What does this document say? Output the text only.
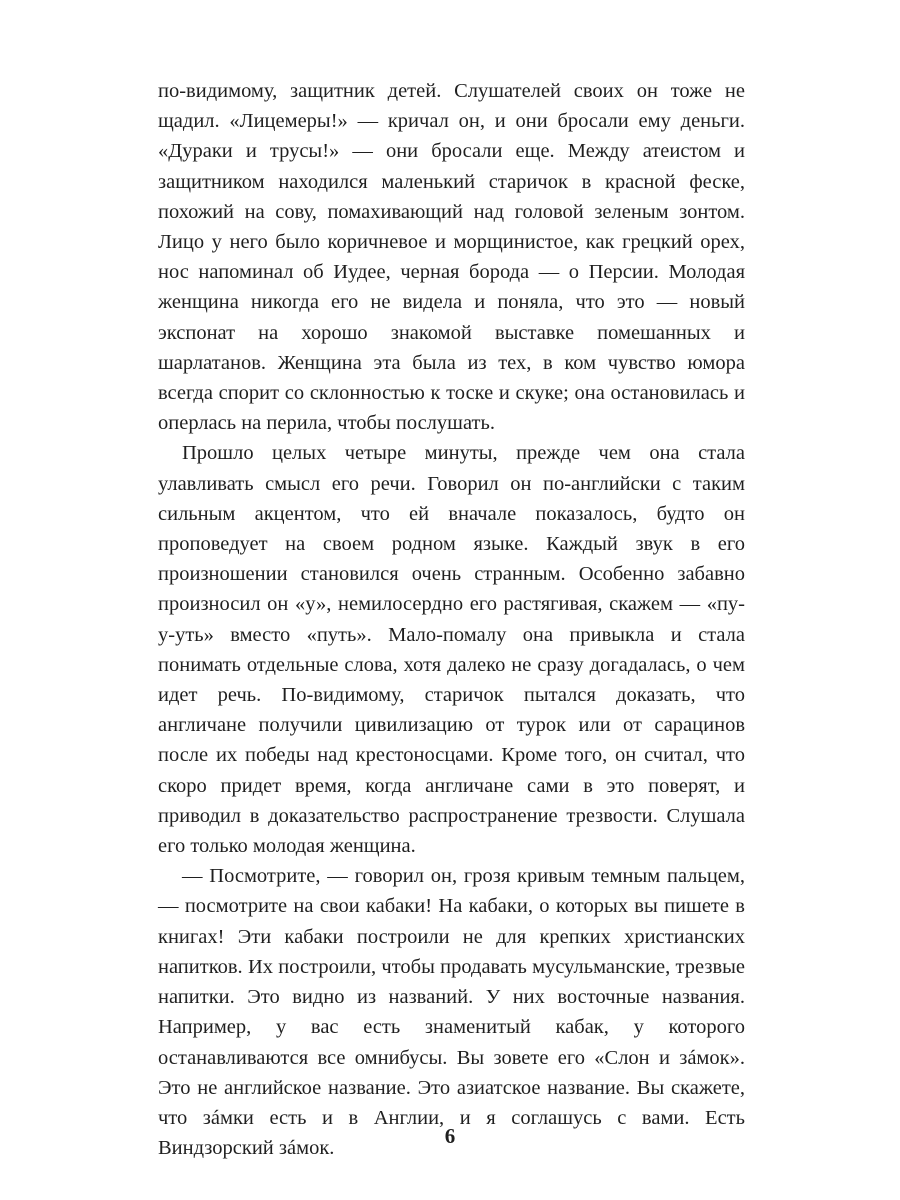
по-видимому, защитник детей. Слушателей своих он тоже не щадил. «Лицемеры!» — кричал он, и они бросали ему деньги. «Дураки и трусы!» — они бросали еще. Между атеистом и защитником находился маленький старичок в красной феске, похожий на сову, помахивающий над головой зеленым зонтом. Лицо у него было коричневое и морщинистое, как грецкий орех, нос напоминал об Иудее, черная борода — о Персии. Молодая женщина никогда его не видела и поняла, что это — новый экспонат на хорошо знакомой выставке помешанных и шарлатанов. Женщина эта была из тех, в ком чувство юмора всегда спорит со склонностью к тоске и скуке; она остановилась и оперлась на перила, чтобы послушать.

Прошло целых четыре минуты, прежде чем она стала улавливать смысл его речи. Говорил он по-английски с таким сильным акцентом, что ей вначале показалось, будто он проповедует на своем родном языке. Каждый звук в его произношении становился очень странным. Особенно забавно произносил он «у», немилосердно его растягивая, скажем — «пу-у-уть» вместо «путь». Мало-помалу она привыкла и стала понимать отдельные слова, хотя далеко не сразу догадалась, о чем идет речь. По-видимому, старичок пытался доказать, что англичане получили цивилизацию от турок или от сарацинов после их победы над крестоносцами. Кроме того, он считал, что скоро придет время, когда англичане сами в это поверят, и приводил в доказательство распространение трезвости. Слушала его только молодая женщина.

— Посмотрите, — говорил он, грозя кривым темным пальцем, — посмотрите на свои кабаки! На кабаки, о которых вы пишете в книгах! Эти кабаки построили не для крепких христианских напитков. Их построили, чтобы продавать мусульманские, трезвые напитки. Это видно из названий. У них восточные названия. Например, у вас есть знаменитый кабак, у которого останавливаются все омнибусы. Вы зовете его «Слон и зáмок». Это не английское название. Это азиатское название. Вы скажете, что зáмки есть и в Англии, и я соглашусь с вами. Есть Виндзорский зáмок.

6
